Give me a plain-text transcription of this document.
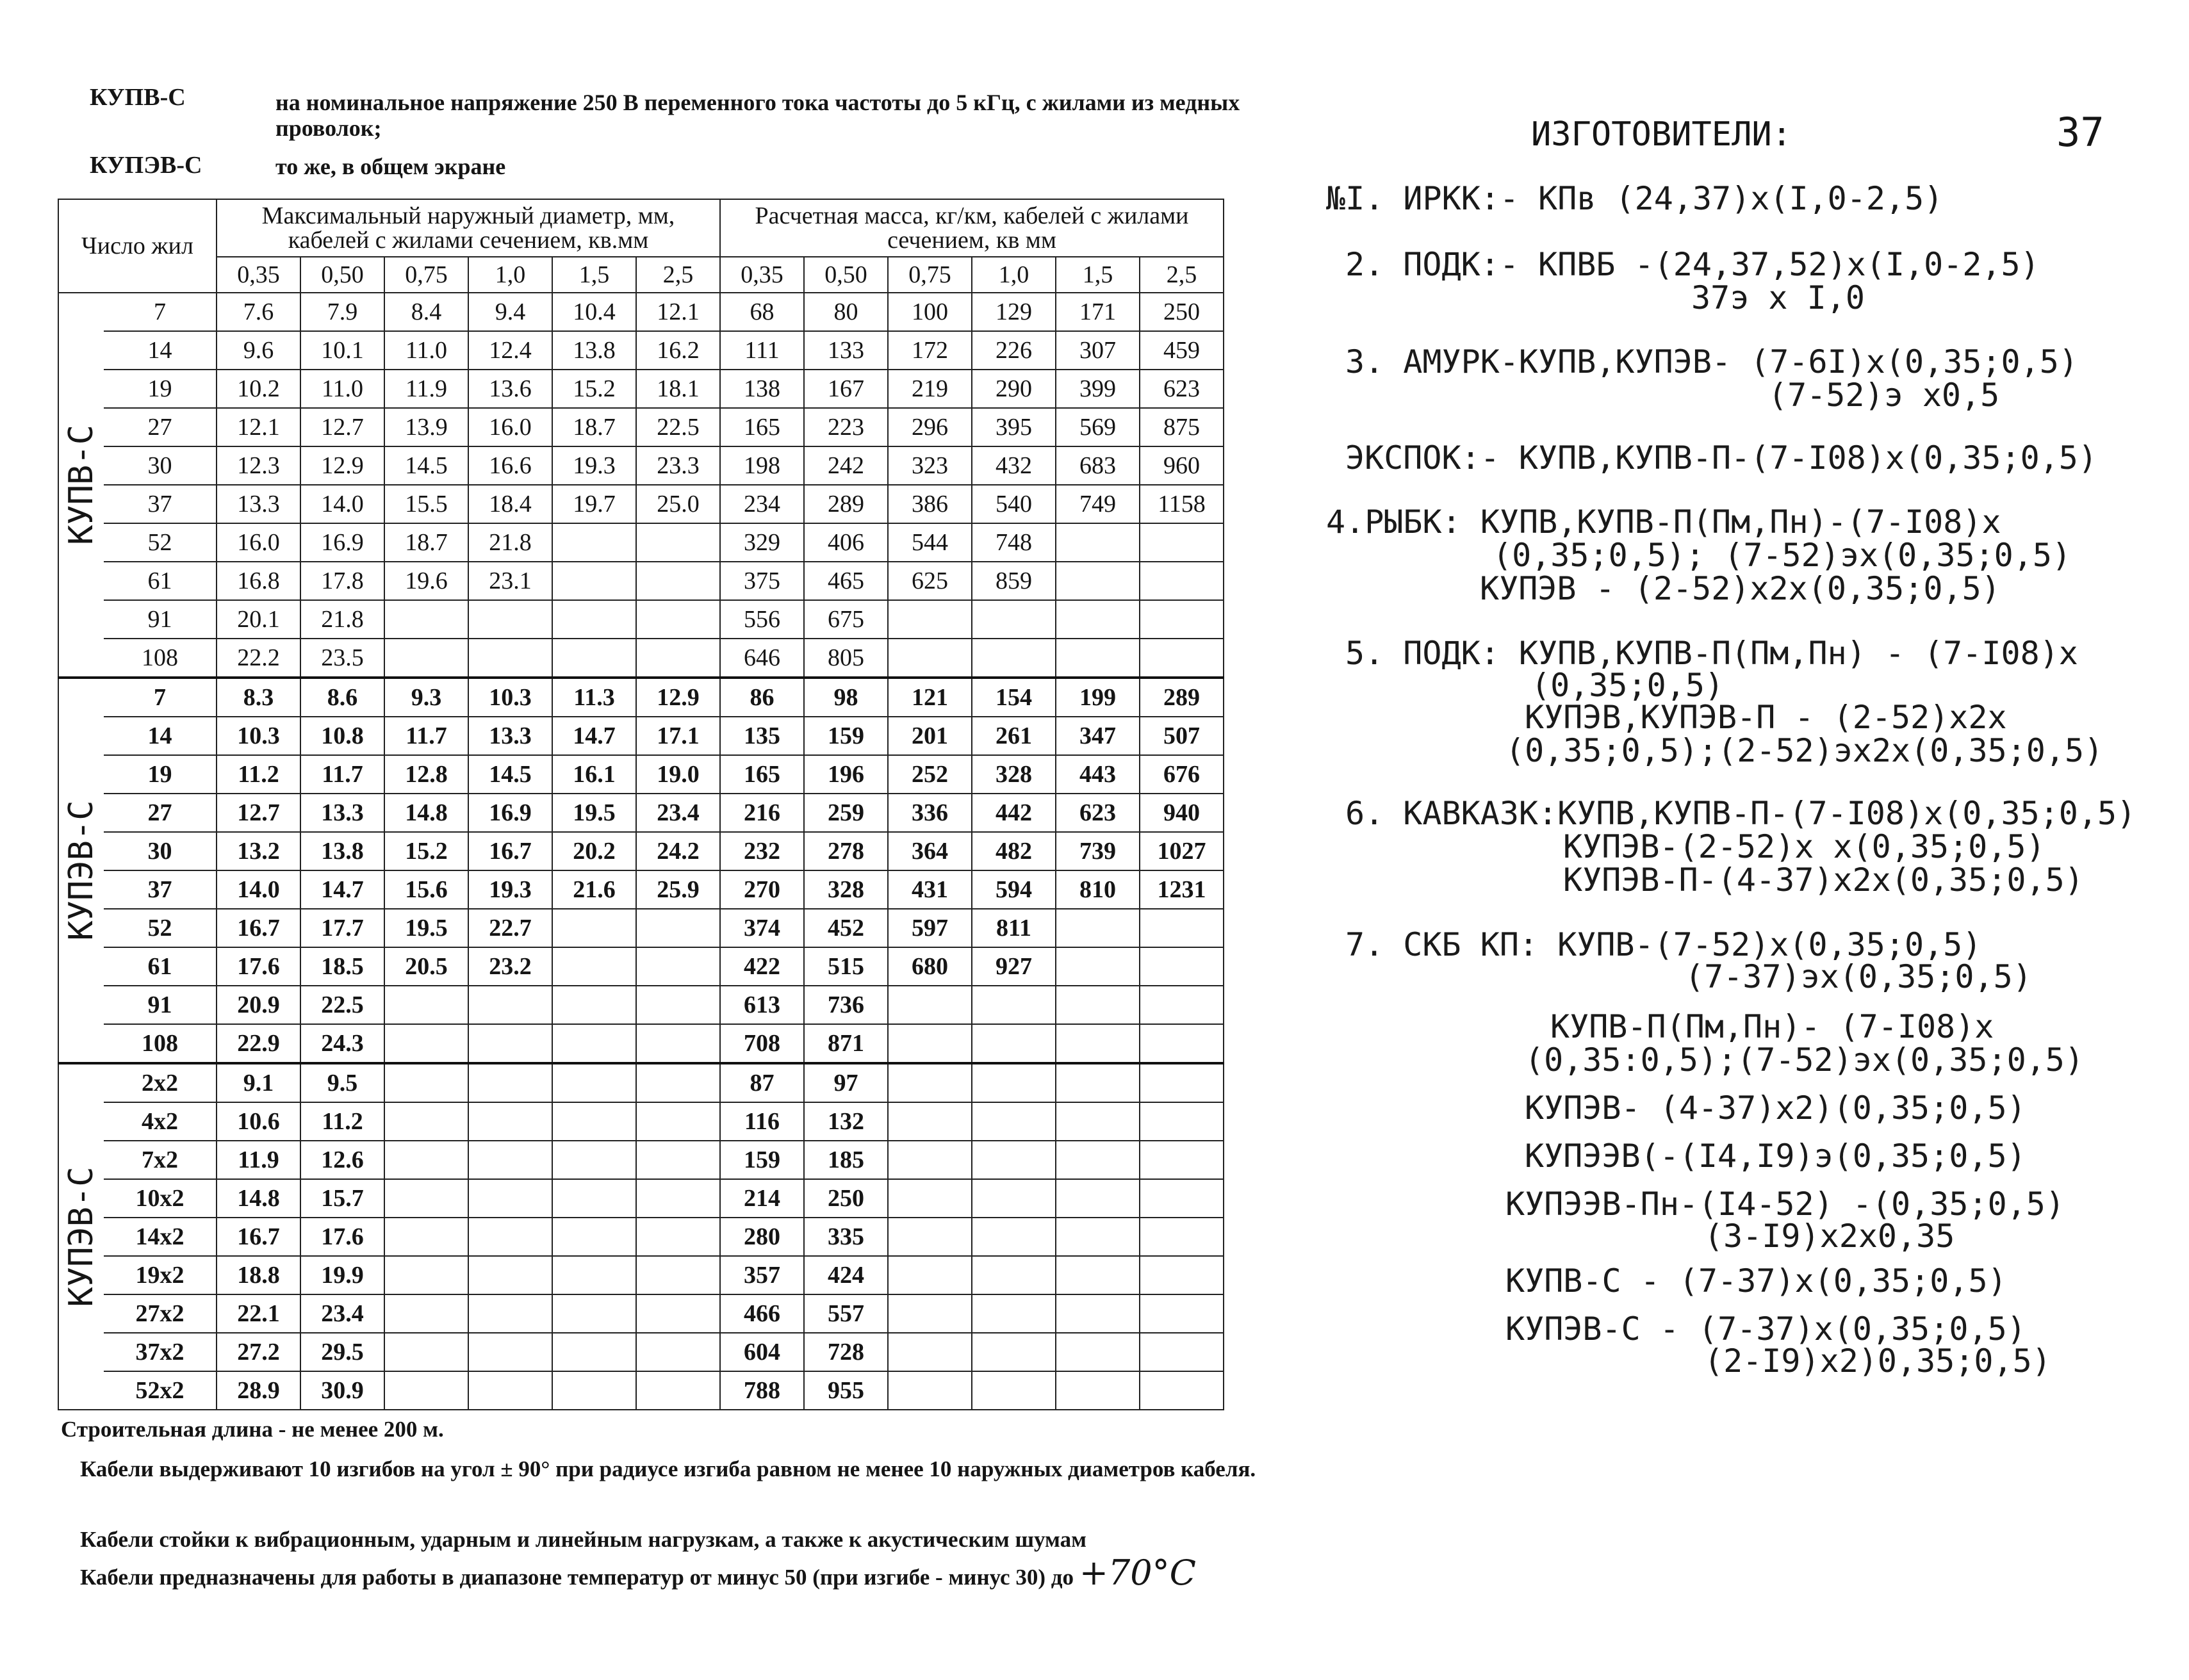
КУПВ-С	на номинальное напряжение 250 В переменного тока частоты до 5 кГц, с жилами из медных проволок;
КУПЭВ-С	то же, в общем экране
Число жил		Максимальный наружный диаметр, мм, кабелей с жилами сечением, кв.мм						Расчетная масса, кг/км, кабелей с жилами сечением, кв мм					
		0,35	0,50	0,75	1,0	1,5	2,5	0,35	0,50	0,75	1,0	1,5	2,5

КУПВ-С	7	7.6	7.9	8.4	9.4	10.4	12.1	68	80	100	129	171	250
	14	9.6	10.1	11.0	12.4	13.8	16.2	111	133	172	226	307	459
	19	10.2	11.0	11.9	13.6	15.2	18.1	138	167	219	290	399	623
	27	12.1	12.7	13.9	16.0	18.7	22.5	165	223	296	395	569	875
	30	12.3	12.9	14.5	16.6	19.3	23.3	198	242	323	432	683	960
	37	13.3	14.0	15.5	18.4	19.7	25.0	234	289	386	540	749	1158
	52	16.0	16.9	18.7	21.8			329	406	544	748		
	61	16.8	17.8	19.6	23.1			375	465	625	859		
	91	20.1	21.8					556	675				
	108	22.2	23.5					646	805				

КУПЭВ-С	7	8.3	8.6	9.3	10.3	11.3	12.9	86	98	121	154	199	289
	14	10.3	10.8	11.7	13.3	14.7	17.1	135	159	201	261	347	507
	19	11.2	11.7	12.8	14.5	16.1	19.0	165	196	252	328	443	676
	27	12.7	13.3	14.8	16.9	19.5	23.4	216	259	336	442	623	940
	30	13.2	13.8	15.2	16.7	20.2	24.2	232	278	364	482	739	1027
	37	14.0	14.7	15.6	19.3	21.6	25.9	270	328	431	594	810	1231
	52	16.7	17.7	19.5	22.7			374	452	597	811		
	61	17.6	18.5	20.5	23.2			422	515	680	927		
	91	20.9	22.5					613	736				
	108	22.9	24.3					708	871				

КУПЭВ-С	2x2	9.1	9.5					87	97				
	4x2	10.6	11.2					116	132				
	7x2	11.9	12.6					159	185				
	10x2	14.8	15.7					214	250				
	14x2	16.7	17.6					280	335				
	19x2	18.8	19.9					357	424				
	27x2	22.1	23.4					466	557				
	37x2	27.2	29.5					604	728				
	52x2	28.9	30.9					788	955				
Строительная длина - не менее 200 м.
Кабели выдерживают 10 изгибов на угол ± 90° при радиусе изгиба равном не менее 10 наружных диаметров кабеля.
Кабели стойки к вибрационным, ударным и линейным нагрузкам, а также к акустическим шумам
Кабели предназначены для работы в диапазоне температур от минус 50 (при изгибе - минус 30) до +70°С
37
ИЗГОТОВИТЕЛИ:
№I. ИРКК:- КПв (24,37)х(I,0-2,5)
2. ПОДК:- КПВБ -(24,37,52)х(I,0-2,5)
37э х I,0
3. АМУРК-КУПВ,КУПЭВ- (7-6I)х(0,35;0,5)
(7-52)э х0,5
ЭКСПОК:- КУПВ,КУПВ-П-(7-I08)х(0,35;0,5)
4.РЫБК: КУПВ,КУПВ-П(Пм,Пн)-(7-I08)х
(0,35;0,5); (7-52)эх(0,35;0,5)
КУПЭВ - (2-52)х2х(0,35;0,5)
5. ПОДК: КУПВ,КУПВ-П(Пм,Пн) - (7-I08)х
(0,35;0,5)
КУПЭВ,КУПЭВ-П - (2-52)х2х
(0,35;0,5);(2-52)эх2х(0,35;0,5)
6. КАВКАЗК:КУПВ,КУПВ-П-(7-I08)х(0,35;0,5)
КУПЭВ-(2-52)х х(0,35;0,5)
КУПЭВ-П-(4-37)х2х(0,35;0,5)
7. СКБ КП: КУПВ-(7-52)х(0,35;0,5)
(7-37)эх(0,35;0,5)
КУПВ-П(Пм,Пн)- (7-I08)х
(0,35:0,5);(7-52)эх(0,35;0,5)
КУПЭВ- (4-37)х2)(0,35;0,5)
КУПЭЭВ(-(I4,I9)э(0,35;0,5)
КУПЭЭВ-Пн-(I4-52) -(0,35;0,5)
(3-I9)х2х0,35
КУПВ-С - (7-37)х(0,35;0,5)
КУПЭВ-С - (7-37)х(0,35;0,5)
(2-I9)х2)0,35;0,5)
